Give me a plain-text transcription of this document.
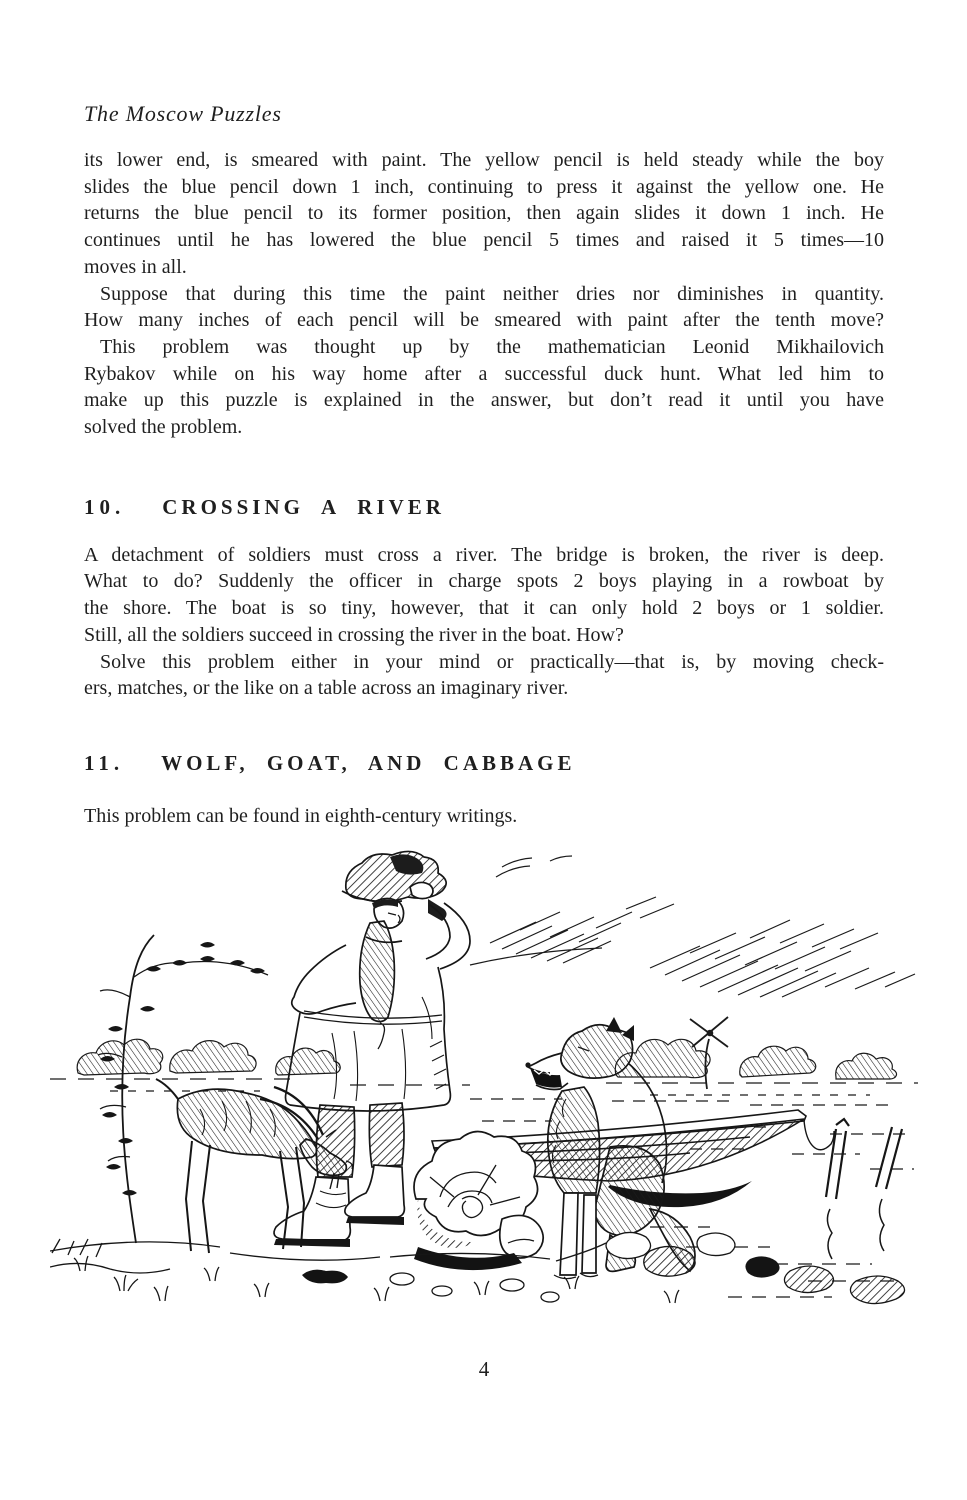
The Moscow Puzzles
its lower end, is smeared with paint. The yellow pencil is held steady while the boy
slides the blue pencil down 1 inch, continuing to press it against the yellow one. He
returns the blue pencil to its former position, then again slides it down 1 inch. He
continues until he has lowered the blue pencil 5 times and raised it 5 times—10
moves in all.
Suppose that during this time the paint neither dries nor diminishes in quantity.
How many inches of each pencil will be smeared with paint after the tenth move?
This problem was thought up by the mathematician Leonid Mikhailovich
Rybakov while on his way home after a successful duck hunt. What led him to
make up this puzzle is explained in the answer, but don’t read it until you have
solved the problem.
10. CROSSING A RIVER
A detachment of soldiers must cross a river. The bridge is broken, the river is deep.
What to do? Suddenly the officer in charge spots 2 boys playing in a rowboat by
the shore. The boat is so tiny, however, that it can only hold 2 boys or 1 soldier.
Still, all the soldiers succeed in crossing the river in the boat. How?
Solve this problem either in your mind or practically—that is, by moving check-
ers, matches, or the like on a table across an imaginary river.
11. WOLF, GOAT, AND CABBAGE
This problem can be found in eighth-century writings.
4
